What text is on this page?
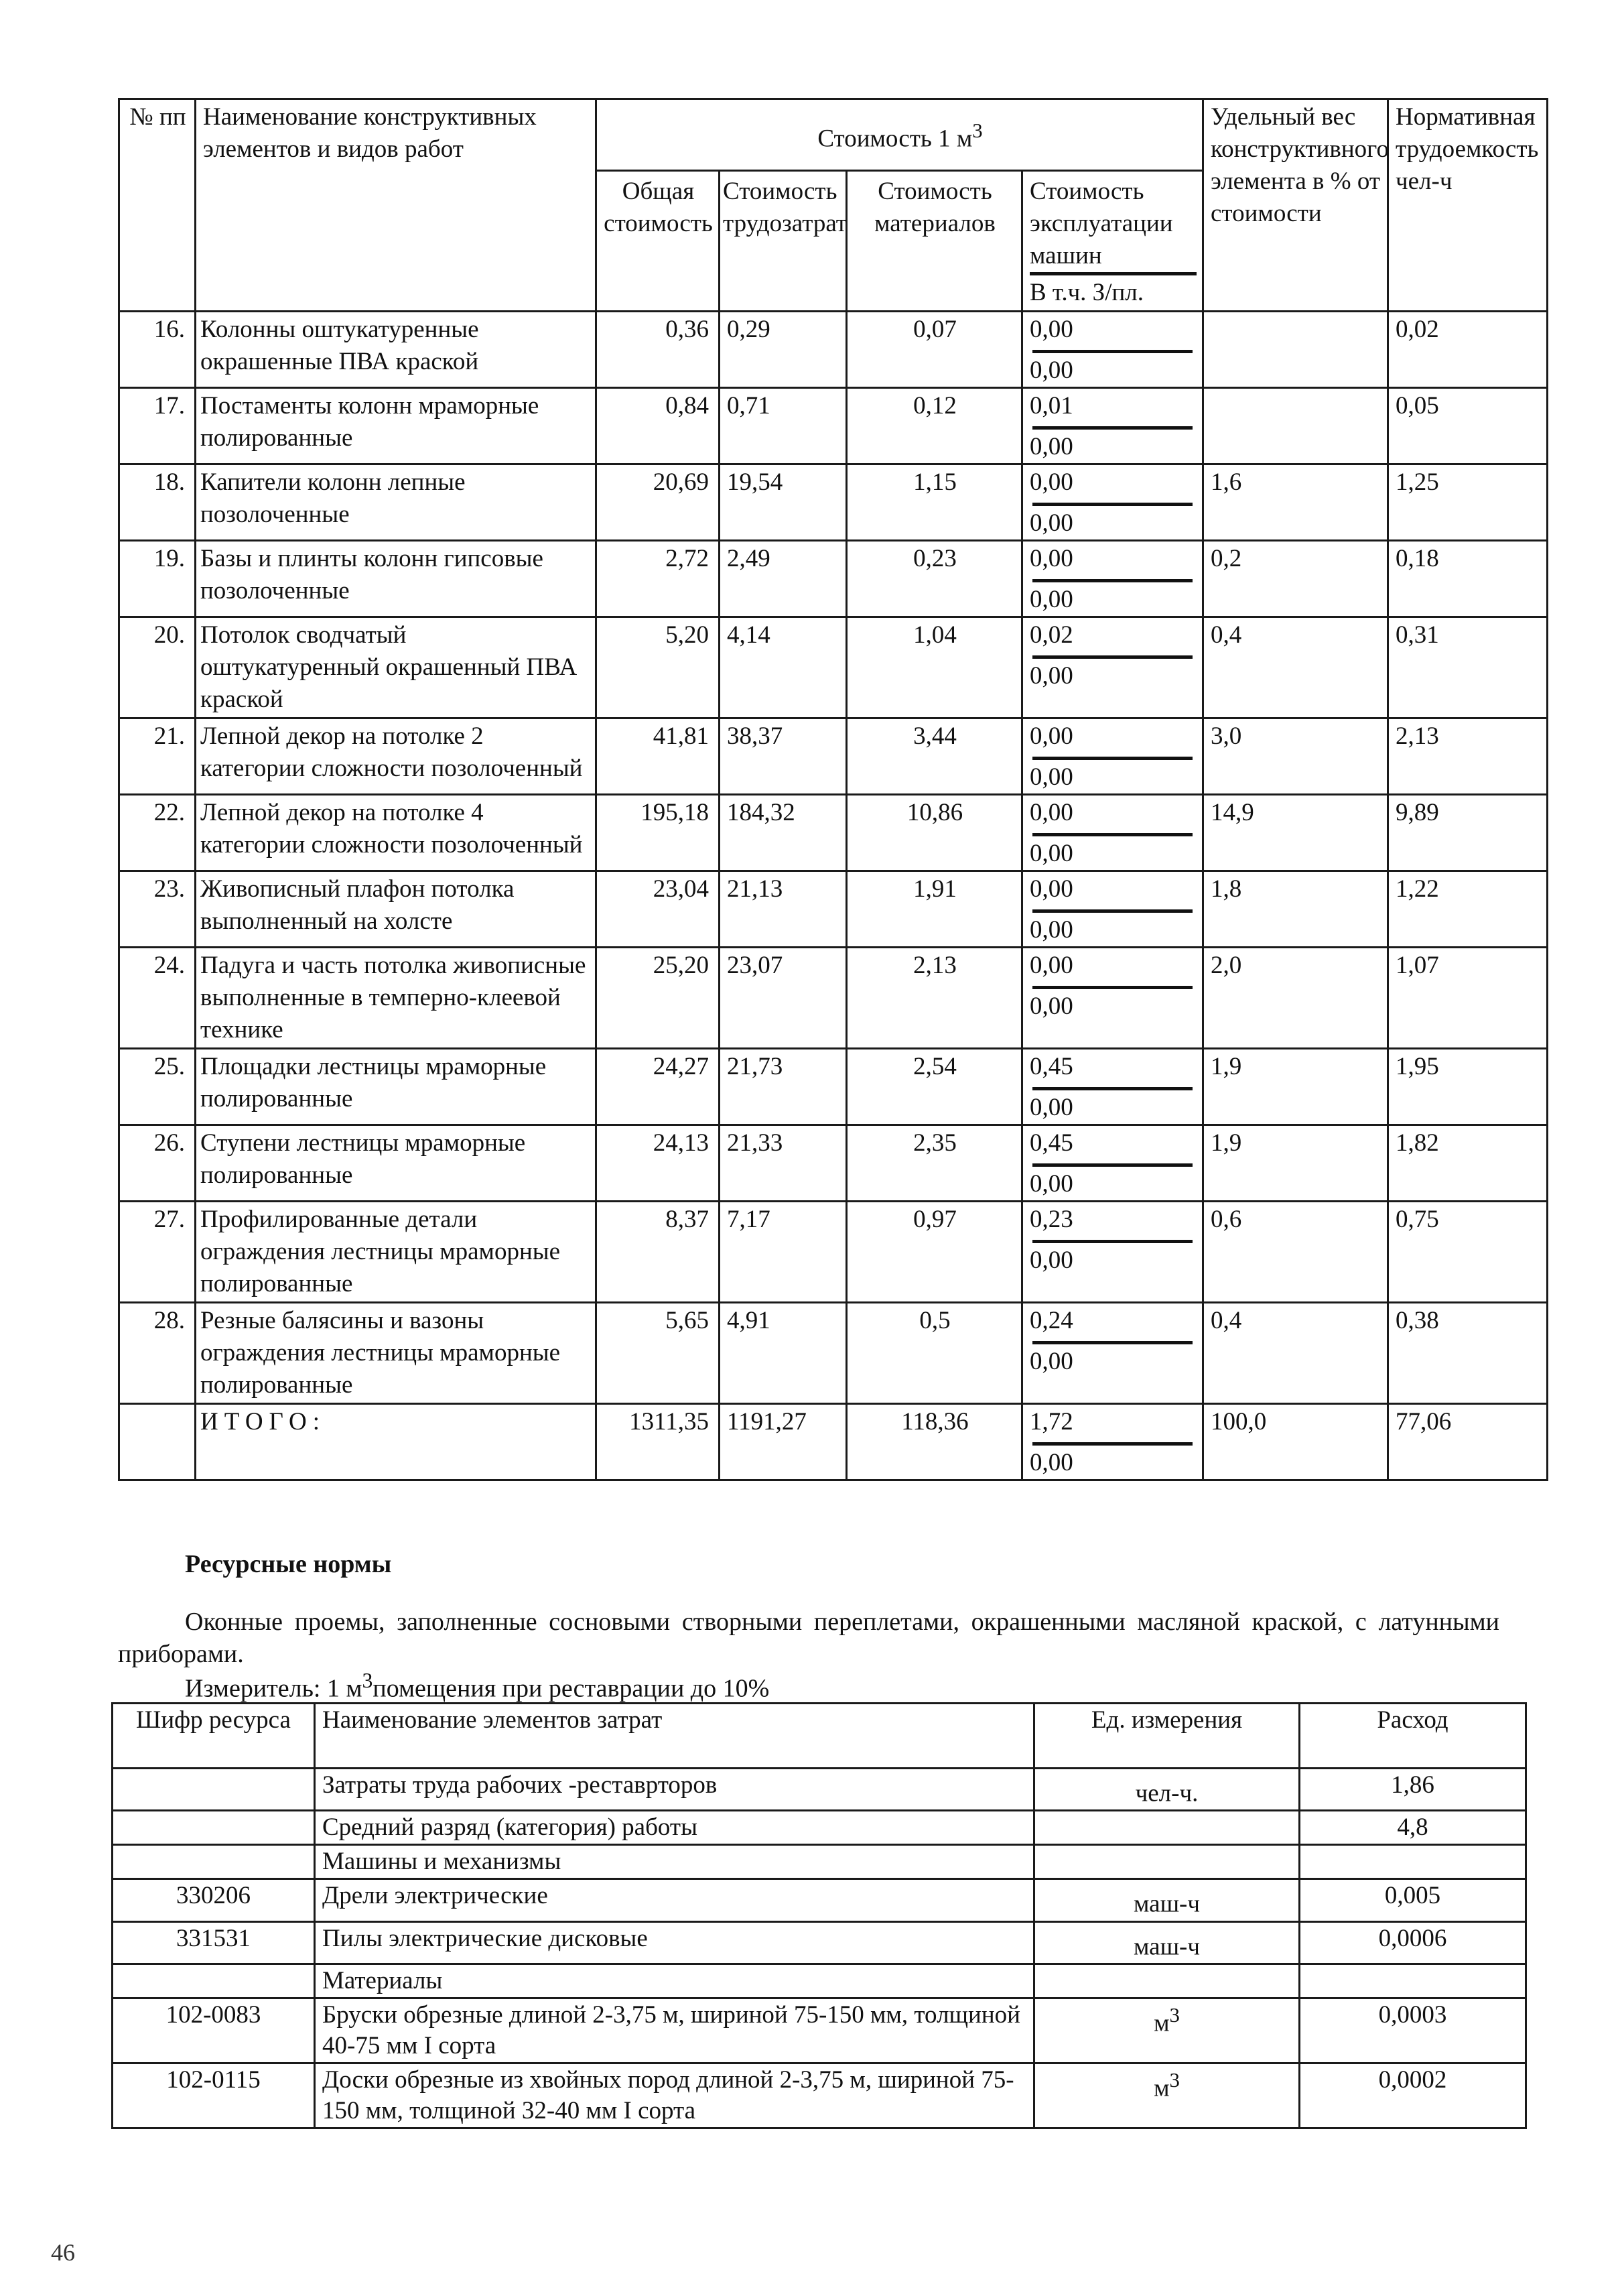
№ пп	Наименование конструктивных элементов и видов работ	Стоимость 1 $м^3$				Удельный вес конструктивного элемента в % от стоимости	Нормативная трудоемкость чел-ч
		Общая стоимость	Стоимость трудозатрат	Стоимость материалов	Стоимость эксплуатации машин
В т.ч. З/пл.		

16.	Колонны оштукатуренные окрашенные ПВА краской	0,36	0,29	0,07	0,00
0,00		0,02
17.	Постаменты колонн мраморные полированные	0,84	0,71	0,12	0,01
0,00		0,05
18.	Капители колонн лепные позолоченные	20,69	19,54	1,15	0,00
0,00	1,6	1,25
19.	Базы и плинты колонн гипсовые позолоченные	2,72	2,49	0,23	0,00
0,00	0,2	0,18
20.	Потолок сводчатый оштукатуренный окрашенный ПВА краской	5,20	4,14	1,04	0,02
0,00	0,4	0,31
21.	Лепной декор на потолке 2 категории сложности позолоченный	41,81	38,37	3,44	0,00
0,00	3,0	2,13
22.	Лепной декор на потолке 4 категории сложности позолоченный	195,18	184,32	10,86	0,00
0,00	14,9	9,89
23.	Живописный плафон потолка выполненный на холсте	23,04	21,13	1,91	0,00
0,00	1,8	1,22
24.	Падуга и часть потолка живописные выполненные в темперно-клеевой технике	25,20	23,07	2,13	0,00
0,00	2,0	1,07
25.	Площадки лестницы мраморные полированные	24,27	21,73	2,54	0,45
0,00	1,9	1,95
26.	Ступени лестницы мраморные полированные	24,13	21,33	2,35	0,45
0,00	1,9	1,82
27.	Профилированные детали ограждения лестницы мраморные полированные	8,37	7,17	0,97	0,23
0,00	0,6	0,75
28.	Резные балясины и вазоны ограждения лестницы мраморные полированные	5,65	4,91	0,5	0,24
0,00	0,4	0,38
	ИТОГО:	1311,35	1191,27	118,36	1,72
0,00	100,0	77,06
Ресурсные нормы
Оконные проемы, заполненные сосновыми створными переплетами, окрашенными масляной краской, с латунными приборами.
Измеритель: 1 $м^3помещения$ при реставрации до 10%
Шифр ресурса	Наименование элементов затрат	Ед. измерения	Расход
	Затраты труда рабочих -реставрторов	чел-ч.	1,86
	Средний разряд (категория) работы		4,8
	Машины и механизмы		
330206	Дрели электрические	маш-ч	0,005
331531	Пилы электрические дисковые	маш-ч	0,0006
	Материалы		
102-0083	Бруски обрезные длиной 2-3,75 м, шириной 75-150 мм, толщиной 40-75 мм I сорта	$м^3$	0,0003
102-0115	Доски обрезные из хвойных пород длиной 2-3,75 м, шириной 75-150 мм, толщиной 32-40 мм I сорта	$м^3$	0,0002
46
